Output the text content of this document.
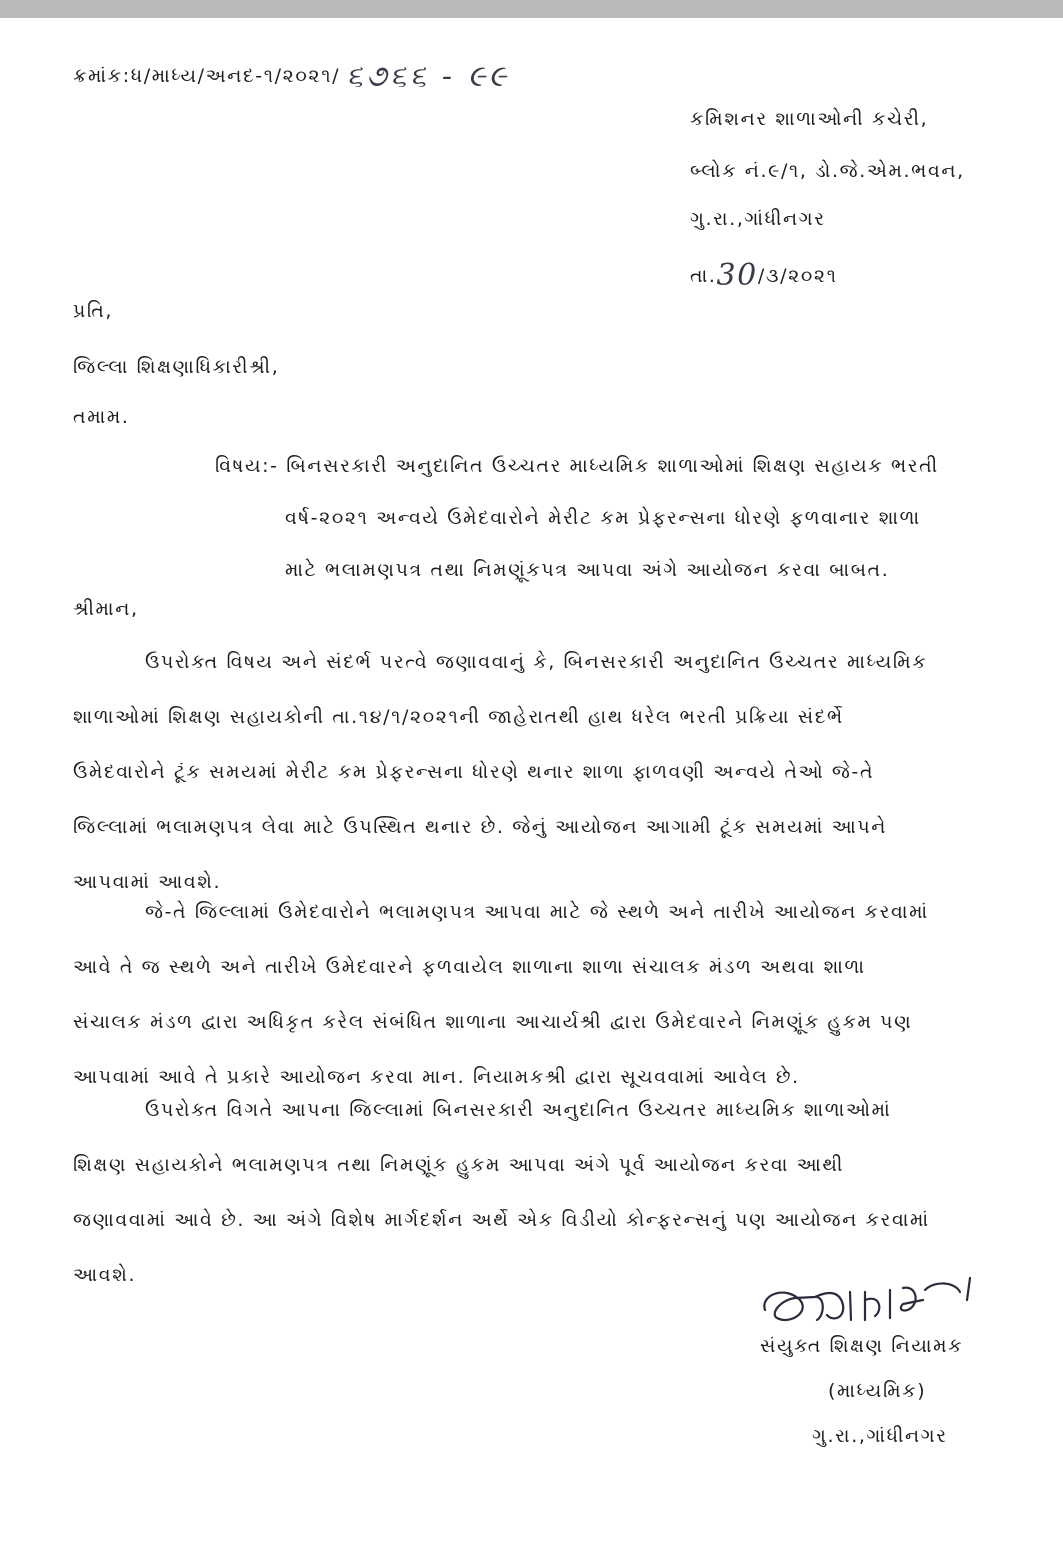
ક્રમાંક:ધ/માધ્ય/અનદ-૧/૨૦૨૧/ ૬૭૬૬ - ૯૯
કમિશનર શાળાઓની કચેરી,
બ્લોક નં.૯/૧, ડો.જે.એમ.ભવન,
ગુ.રા.,ગાંધીનગર
તા.30/૩/૨૦૨૧
પ્રતિ,
જિલ્લા શિક્ષણાધિકારીશ્રી,
તમામ.
વિષય:- બિનસરકારી અનુદાનિત ઉચ્ચતર માધ્યમિક શાળાઓમાં શિક્ષણ સહાયક ભરતી
વર્ષ-૨૦૨૧ અન્વયે ઉમેદવારોને મેરીટ કમ પ્રેફરન્સના ધોરણે ફળવાનાર શાળા
માટે ભલામણપત્ર તથા નિમણૂંકપત્ર આપવા અંગે આયોજન કરવા બાબત.
શ્રીમાન,
ઉપરોક્ત વિષય અને સંદર્ભ પરત્વે જણાવવાનું કે, બિનસરકારી અનુદાનિત ઉચ્ચતર માધ્યમિક
શાળાઓમાં શિક્ષણ સહાયકોની તા.૧૪/૧/૨૦૨૧ની જાહેરાતથી હાથ ધરેલ ભરતી પ્રક્રિયા સંદર્ભે
ઉમેદવારોને ટૂંક સમયમાં મેરીટ કમ પ્રેફરન્સના ધોરણે થનાર શાળા ફાળવણી અન્વયે તેઓ જે-તે
જિલ્લામાં ભલામણપત્ર લેવા માટે ઉપસ્થિત થનાર છે. જેનું આયોજન આગામી ટૂંક સમયમાં આપને
આપવામાં આવશે.
જે-તે જિલ્લામાં ઉમેદવારોને ભલામણપત્ર આપવા માટે જે સ્થળે અને તારીખે આયોજન કરવામાં
આવે તે જ સ્થળે અને તારીખે ઉમેદવારને ફળવાયેલ શાળાના શાળા સંચાલક મંડળ અથવા શાળા
સંચાલક મંડળ દ્વારા અધિકૃત કરેલ સંબંધિત શાળાના આચાર્યશ્રી દ્વારા ઉમેદવારને નિમણૂંક હુકમ પણ
આપવામાં આવે તે પ્રકારે આયોજન કરવા માન. નિયામકશ્રી દ્વારા સૂચવવામાં આવેલ છે.
ઉપરોક્ત વિગતે આપના જિલ્લામાં બિનસરકારી અનુદાનિત ઉચ્ચતર માધ્યમિક શાળાઓમાં
શિક્ષણ સહાયકોને ભલામણપત્ર તથા નિમણૂંક હુકમ આપવા અંગે પૂર્વ આયોજન કરવા આથી
જણાવવામાં આવે છે. આ અંગે વિશેષ માર્ગદર્શન અર્થે એક વિડીયો કોન્ફરન્સનું પણ આયોજન કરવામાં
આવશે.
સંયુક્ત શિક્ષણ નિયામક
(માધ્યમિક)
ગુ.રા.,ગાંધીનગર
